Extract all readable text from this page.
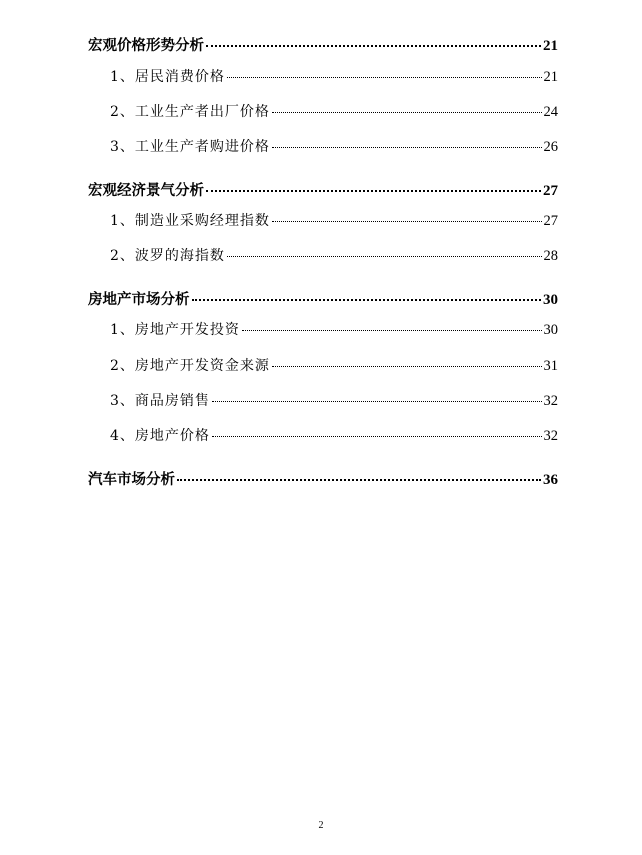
宏观价格形势分析	21
1、居民消费价格	21
2、工业生产者出厂价格	24
3、工业生产者购进价格	26
宏观经济景气分析	27
1、制造业采购经理指数	27
2、波罗的海指数	28
房地产市场分析	30
1、房地产开发投资	30
2、房地产开发资金来源	31
3、商品房销售	32
4、房地产价格	32
汽车市场分析	36
2
